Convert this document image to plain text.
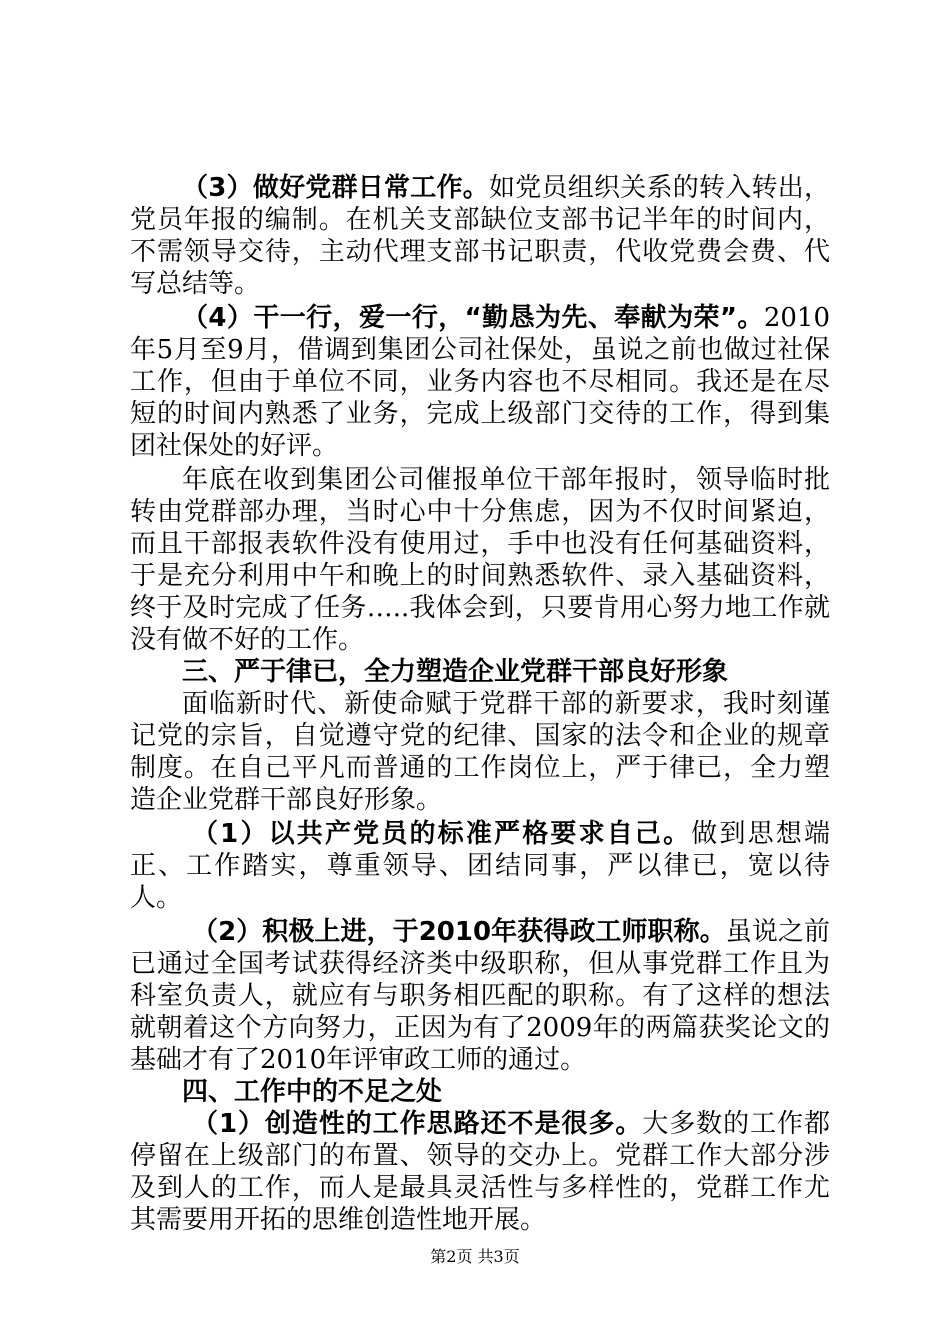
（3）做好党群日常工作。如党员组织关系的转入转出，党员年报的编制。在机关支部缺位支部书记半年的时间内，不需领导交待，主动代理支部书记职责，代收党费会费、代写总结等。

（4）干一行，爱一行，“勤恳为先、奉献为荣”。2010年5月至9月，借调到集团公司社保处，虽说之前也做过社保工作，但由于单位不同，业务内容也不尽相同。我还是在尽短的时间内熟悉了业务，完成上级部门交待的工作，得到集团社保处的好评。

年底在收到集团公司催报单位干部年报时，领导临时批转由党群部办理，当时心中十分焦虑，因为不仅时间紧迫，而且干部报表软件没有使用过，手中也没有任何基础资料，于是充分利用中午和晚上的时间熟悉软件、录入基础资料，终于及时完成了任务…..我体会到，只要肯用心努力地工作就没有做不好的工作。

三、严于律已，全力塑造企业党群干部良好形象

面临新时代、新使命赋于党群干部的新要求，我时刻谨记党的宗旨，自觉遵守党的纪律、国家的法令和企业的规章制度。在自己平凡而普通的工作岗位上，严于律已，全力塑造企业党群干部良好形象。

（1）以共产党员的标准严格要求自己。做到思想端正、工作踏实，尊重领导、团结同事，严以律已，宽以待人。

（2）积极上进，于2010年获得政工师职称。虽说之前已通过全国考试获得经济类中级职称，但从事党群工作且为科室负责人，就应有与职务相匹配的职称。有了这样的想法就朝着这个方向努力，正因为有了2009年的两篇获奖论文的基础才有了2010年评审政工师的通过。

四、工作中的不足之处

（1）创造性的工作思路还不是很多。大多数的工作都停留在上级部门的布置、领导的交办上。党群工作大部分涉及到人的工作，而人是最具灵活性与多样性的，党群工作尤其需要用开拓的思维创造性地开展。

第2页 共3页
